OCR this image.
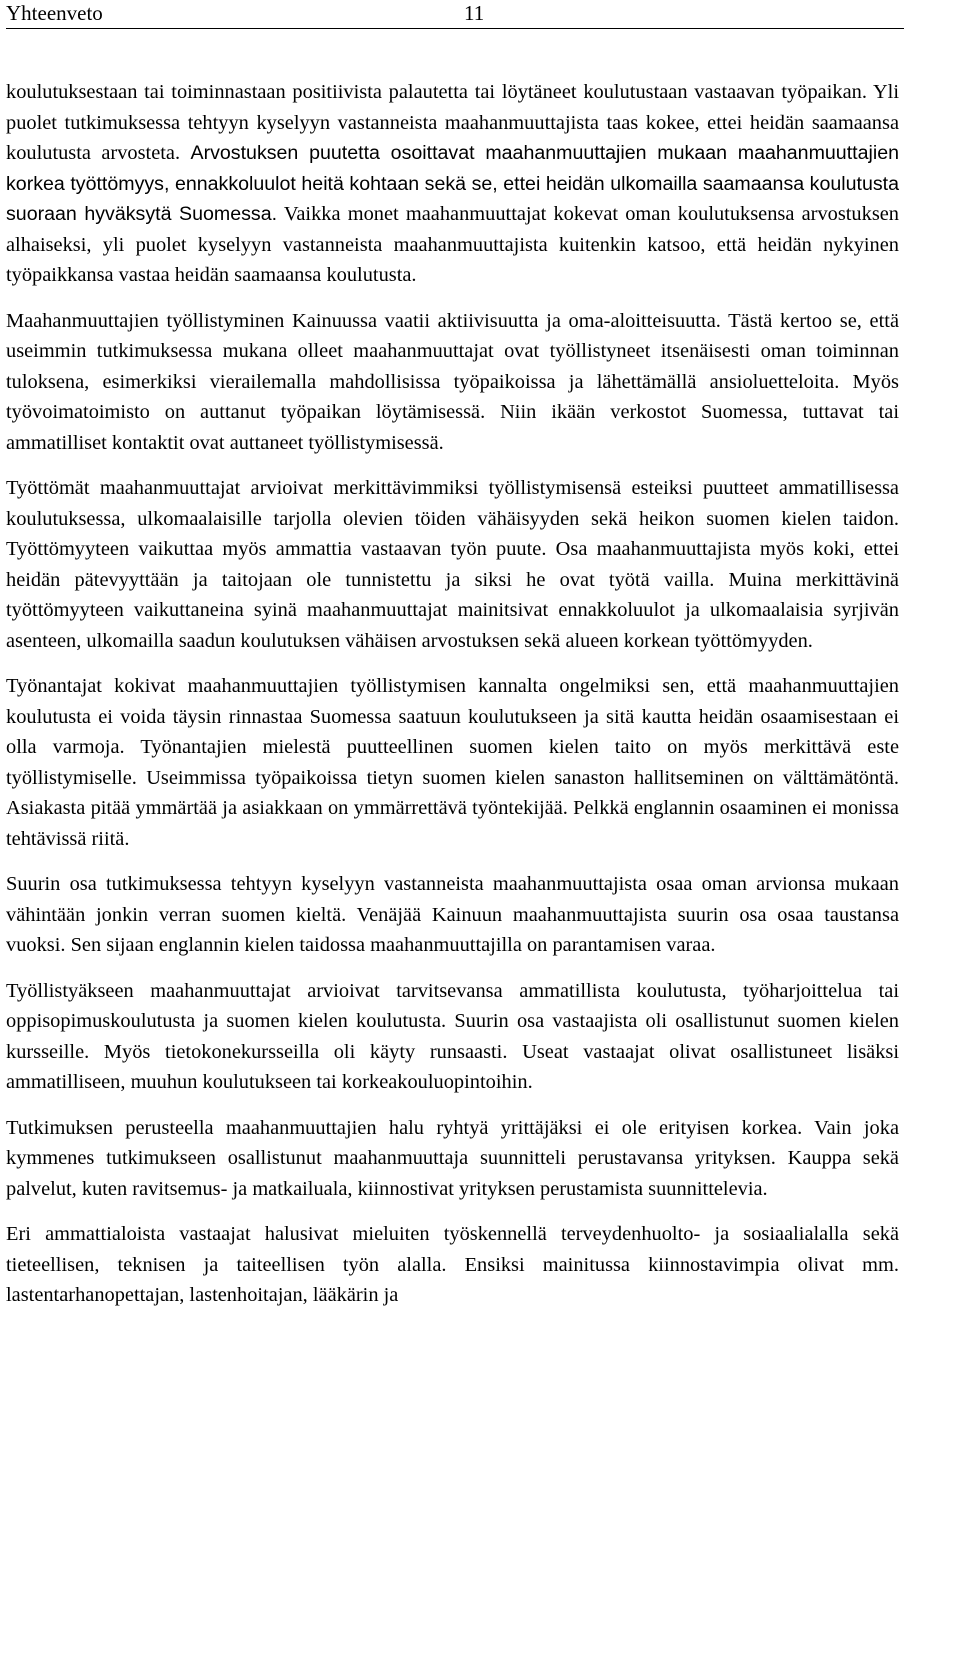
Yhteenveto	11

koulutuksestaan tai toiminnastaan positiivista palautetta tai löytäneet koulutustaan vastaavan työpaikan. Yli puolet tutkimuksessa tehtyyn kyselyyn vastanneista maahanmuuttajista taas kokee, ettei heidän saamaansa koulutusta arvosteta. Arvostuksen puutetta osoittavat maahanmuuttajien mukaan maahanmuuttajien korkea työttömyys, ennakkoluulot heitä kohtaan sekä se, ettei heidän ulkomailla saamaansa koulutusta suoraan hyväksytä Suomessa. Vaikka monet maahanmuuttajat kokevat oman koulutuksensa arvostuksen alhaiseksi, yli puolet kyselyyn vastanneista maahanmuuttajista kuitenkin katsoo, että heidän nykyinen työpaikkansa vastaa heidän saamaansa koulutusta.

Maahanmuuttajien työllistyminen Kainuussa vaatii aktiivisuutta ja oma-aloitteisuutta. Tästä kertoo se, että useimmin tutkimuksessa mukana olleet maahanmuuttajat ovat työllistyneet itsenäisesti oman toiminnan tuloksena, esimerkiksi vierailemalla mahdollisissa työpaikoissa ja lähettämällä ansioluetteloita. Myös työvoimatoimisto on auttanut työpaikan löytämisessä. Niin ikään verkostot Suomessa, tuttavat tai ammatilliset kontaktit ovat auttaneet työllistymisessä.

Työttömät maahanmuuttajat arvioivat merkittävimmiksi työllistymisensä esteiksi puutteet ammatillisessa koulutuksessa, ulkomaalaisille tarjolla olevien töiden vähäisyyden sekä heikon suomen kielen taidon. Työttömyyteen vaikuttaa myös ammattia vastaavan työn puute. Osa maahanmuuttajista myös koki, ettei heidän pätevyyttään ja taitojaan ole tunnistettu ja siksi he ovat työtä vailla. Muina merkittävinä työttömyyteen vaikuttaneina syinä maahanmuuttajat mainitsivat ennakkoluulot ja ulkomaalaisia syrjivän asenteen, ulkomailla saadun koulutuksen vähäisen arvostuksen sekä alueen korkean työttömyyden.

Työnantajat kokivat maahanmuuttajien työllistymisen kannalta ongelmiksi sen, että maahanmuuttajien koulutusta ei voida täysin rinnastaa Suomessa saatuun koulutukseen ja sitä kautta heidän osaamisestaan ei olla varmoja. Työnantajien mielestä puutteellinen suomen kielen taito on myös merkittävä este työllistymiselle. Useimmissa työpaikoissa tietyn suomen kielen sanaston hallitseminen on välttämätöntä. Asiakasta pitää ymmärtää ja asiakkaan on ymmärrettävä työntekijää. Pelkkä englannin osaaminen ei monissa tehtävissä riitä.

Suurin osa tutkimuksessa tehtyyn kyselyyn vastanneista maahanmuuttajista osaa oman arvionsa mukaan vähintään jonkin verran suomen kieltä. Venäjää Kainuun maahanmuuttajista suurin osa osaa taustansa vuoksi. Sen sijaan englannin kielen taidossa maahanmuuttajilla on parantamisen varaa.

Työllistyäkseen maahanmuuttajat arvioivat tarvitsevansa ammatillista koulutusta, työharjoittelua tai oppisopimuskoulutusta ja suomen kielen koulutusta. Suurin osa vastaajista oli osallistunut suomen kielen kursseille. Myös tietokonekursseilla oli käyty runsaasti. Useat vastaajat olivat osallistuneet lisäksi ammatilliseen, muuhun koulutukseen tai korkeakouluopintoihin.

Tutkimuksen perusteella maahanmuuttajien halu ryhtyä yrittäjäksi ei ole erityisen korkea. Vain joka kymmenes tutkimukseen osallistunut maahanmuuttaja suunnitteli perustavansa yrityksen. Kauppa sekä palvelut, kuten ravitsemus- ja matkailuala, kiinnostivat yrityksen perustamista suunnittelevia.

Eri ammattialoista vastaajat halusivat mieluiten työskennellä terveydenhuolto- ja sosiaalialalla sekä tieteellisen, teknisen ja taiteellisen työn alalla. Ensiksi mainitussa kiinnostavimpia olivat mm. lastentarhanopettajan, lastenhoitajan, lääkärin ja
